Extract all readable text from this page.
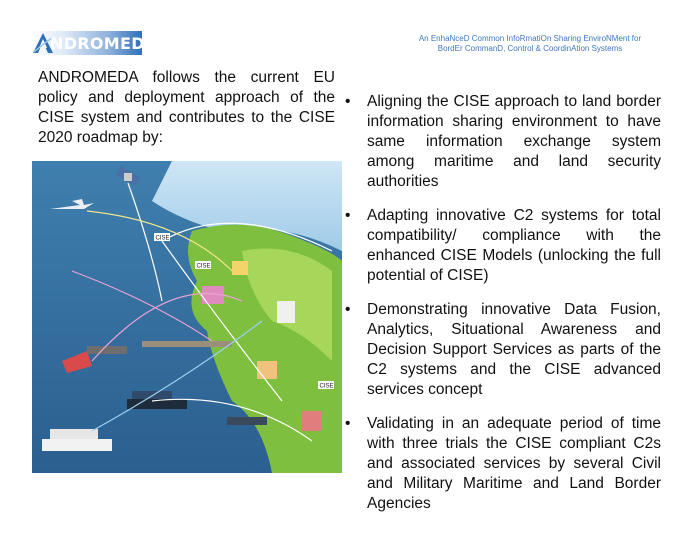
NDROMEDA	An EnhaNceD Common InfoRmatiOn Sharing EnviroNMent for
BordEr CommanD, Control & CoordinAtion Systems
ANDROMEDA follows the current EU policy and deployment approach of the CISE system and contributes to the CISE 2020 roadmap by:
CISE
CISE
CISE
• Aligning the CISE approach to land border information sharing environment to have same information exchange system among maritime and land security authorities
• Adapting innovative C2 systems for total compatibility/ compliance with the enhanced CISE Models (unlocking the full potential of CISE)
• Demonstrating innovative Data Fusion, Analytics, Situational Awareness and Decision Support Services as parts of the C2 systems and the CISE advanced services concept
• Validating in an adequate period of time with three trials the CISE compliant C2s and associated services by several Civil and Military Maritime and Land Border Agencies
